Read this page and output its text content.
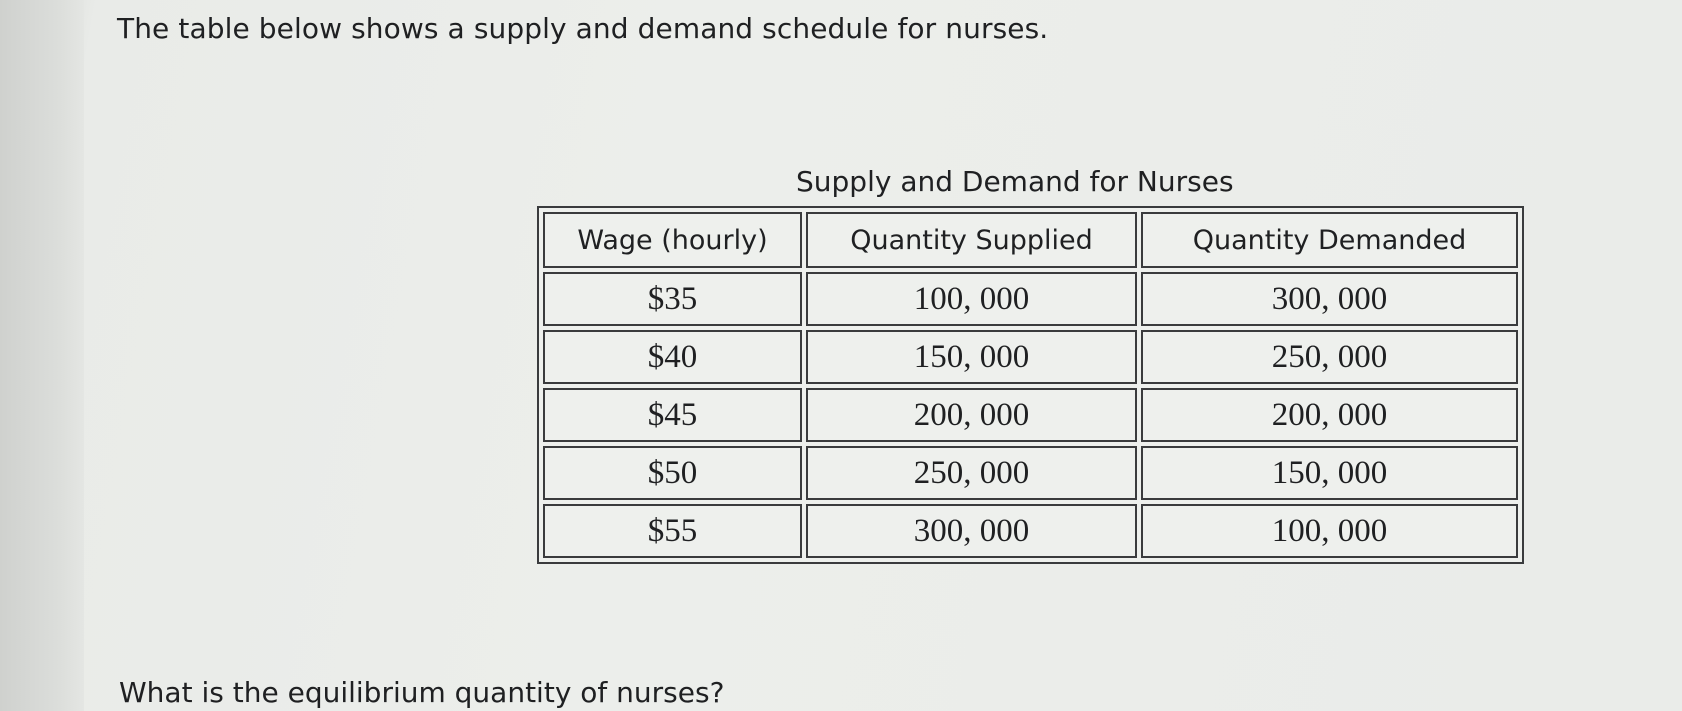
The table below shows a supply and demand schedule for nurses.
Supply and Demand for Nurses
Wage (hourly)	Quantity Supplied	Quantity Demanded
$35	100, 000	300, 000
$40	150, 000	250, 000
$45	200, 000	200, 000
$50	250, 000	150, 000
$55	300, 000	100, 000
What is the equilibrium quantity of nurses?
